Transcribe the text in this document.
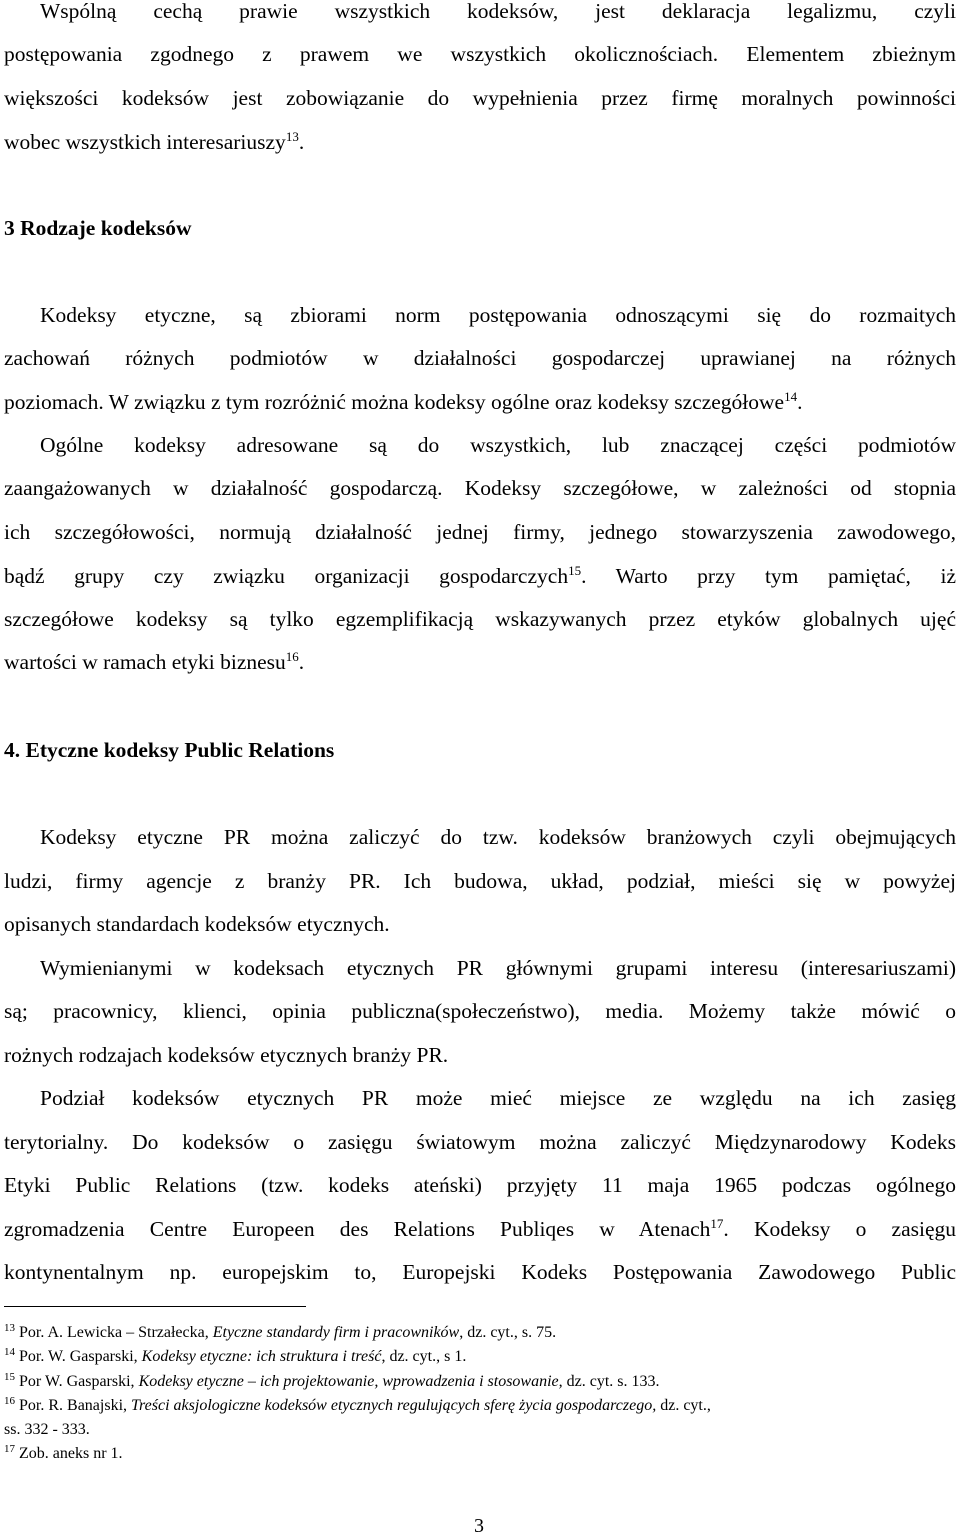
Wspólną cechą prawie wszystkich kodeksów, jest deklaracja legalizmu, czyli
postępowania zgodnego z prawem we wszystkich okolicznościach. Elementem zbieżnym
większości kodeksów jest zobowiązanie do wypełnienia przez firmę moralnych powinności
wobec wszystkich interesariuszy$^{13}$.
3 Rodzaje kodeksów
Kodeksy etyczne, są zbiorami norm postępowania odnoszącymi się do rozmaitych
zachowań różnych podmiotów w działalności gospodarczej uprawianej na różnych
poziomach. W związku z tym rozróżnić można kodeksy ogólne oraz kodeksy szczegółowe$^{14}$.
Ogólne kodeksy adresowane są do wszystkich, lub znaczącej części podmiotów
zaangażowanych w działalność gospodarczą. Kodeksy szczegółowe, w zależności od stopnia
ich szczegółowości, normują działalność jednej firmy, jednego stowarzyszenia zawodowego,
bądź grupy czy związku organizacji gospodarczych$^{15}$. Warto przy tym pamiętać, iż
szczegółowe kodeksy są tylko egzemplifikacją wskazywanych przez etyków globalnych ujęć
wartości w ramach etyki biznesu$^{16}$.
4. Etyczne kodeksy Public Relations
Kodeksy etyczne PR można zaliczyć do tzw. kodeksów branżowych czyli obejmujących
ludzi, firmy agencje z branży PR. Ich budowa, układ, podział, mieści się w powyżej
opisanych standardach kodeksów etycznych.
Wymienianymi w kodeksach etycznych PR głównymi grupami interesu (interesariuszami)
są; pracownicy, klienci, opinia publiczna(społeczeństwo), media. Możemy także mówić o
rożnych rodzajach kodeksów etycznych branży PR.
Podział kodeksów etycznych PR może mieć miejsce ze względu na ich zasięg
terytorialny. Do kodeksów o zasięgu światowym można zaliczyć Międzynarodowy Kodeks
Etyki Public Relations (tzw. kodeks ateński) przyjęty 11 maja 1965 podczas ogólnego
zgromadzenia Centre Europeen des Relations Publiqes w Atenach$^{17}$. Kodeksy o zasięgu
kontynentalnym np. europejskim to, Europejski Kodeks Postępowania Zawodowego Public
$^{13}$ Por. A. Lewicka – Strzałecka, Etyczne standardy firm i pracowników, dz. cyt., s. 75.
$^{14}$ Por. W. Gasparski, Kodeksy etyczne: ich struktura i treść, dz. cyt., s 1.
$^{15}$ Por W. Gasparski, Kodeksy etyczne – ich projektowanie, wprowadzenia i stosowanie, dz. cyt. s. 133.
$^{16}$ Por. R. Banajski, Treści aksjologiczne kodeksów etycznych regulujących sferę życia gospodarczego, dz. cyt.,
ss. 332 - 333.
$^{17}$ Zob. aneks nr 1.
3
